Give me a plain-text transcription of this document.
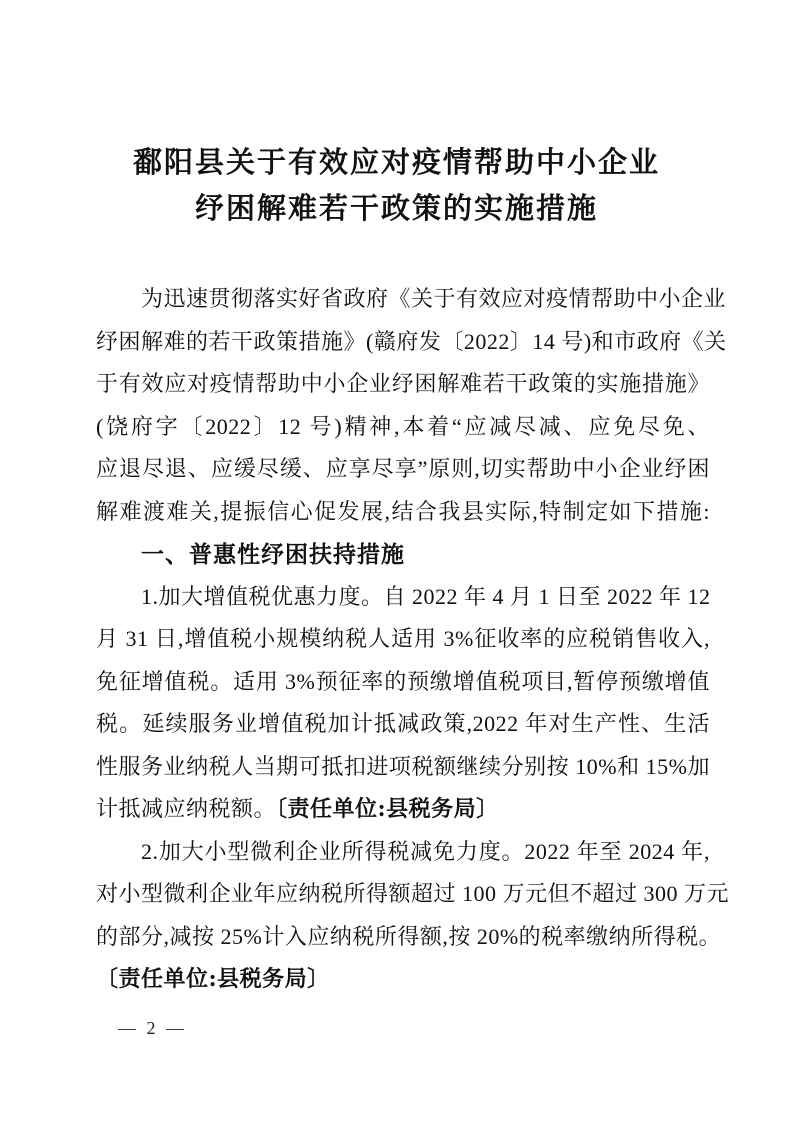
鄱阳县关于有效应对疫情帮助中小企业
纾困解难若干政策的实施措施

为迅速贯彻落实好省政府《关于有效应对疫情帮助中小企业

纾困解难的若干政策措施》(赣府发〔2022〕14 号)和市政府《关

于有效应对疫情帮助中小企业纾困解难若干政策的实施措施》

(饶府字〔2022〕12 号)精神,本着“应减尽减、应免尽免、

应退尽退、应缓尽缓、应享尽享”原则,切实帮助中小企业纾困

解难渡难关,提振信心促发展,结合我县实际,特制定如下措施:

一、普惠性纾困扶持措施

1.加大增值税优惠力度。自 2022 年 4 月 1 日至 2022 年 12

月 31 日,增值税小规模纳税人适用 3%征收率的应税销售收入,

免征增值税。适用 3%预征率的预缴增值税项目,暂停预缴增值

税。延续服务业增值税加计抵减政策,2022 年对生产性、生活

性服务业纳税人当期可抵扣进项税额继续分别按 10%和 15%加

计抵减应纳税额。〔责任单位:县税务局〕

2.加大小型微利企业所得税减免力度。2022 年至 2024 年,

对小型微利企业年应纳税所得额超过 100 万元但不超过 300 万元

的部分,减按 25%计入应纳税所得额,按 20%的税率缴纳所得税。

〔责任单位:县税务局〕

— 2 —
